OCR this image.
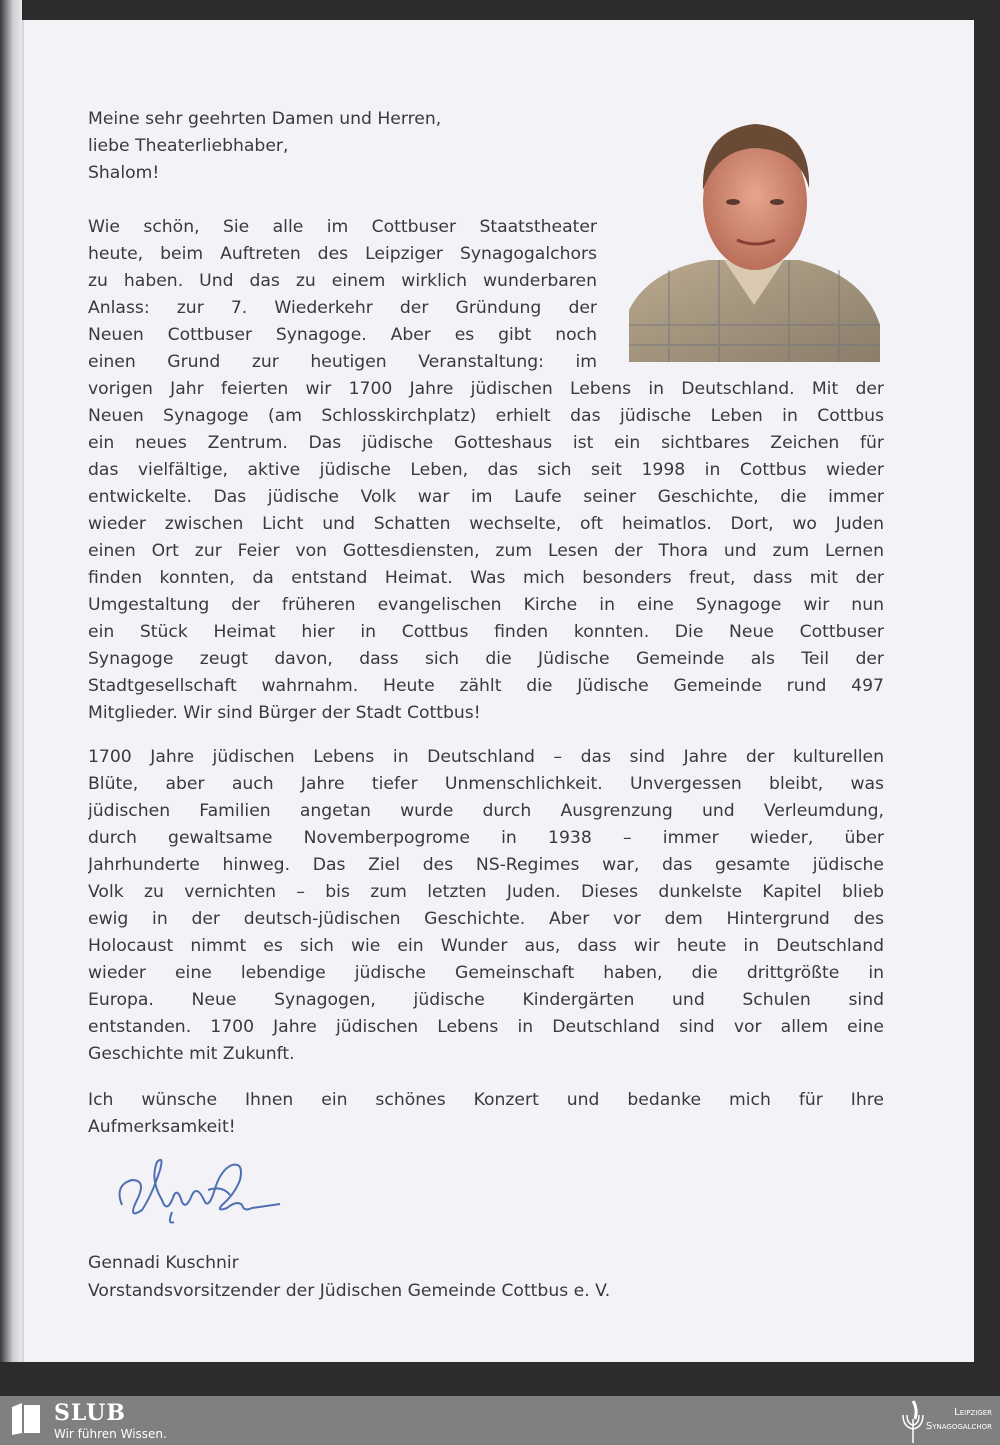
Meine sehr geehrten Damen und Herren,
liebe Theaterliebhaber,
Shalom!
Wie schön, Sie alle im Cottbuser Staatstheater
heute, beim Auftreten des Leipziger Synagogalchors
zu haben. Und das zu einem wirklich wunderbaren
Anlass: zur 7. Wiederkehr der Gründung der
Neuen Cottbuser Synagoge. Aber es gibt noch
einen Grund zur heutigen Veranstaltung: im
vorigen Jahr feierten wir 1700 Jahre jüdischen Lebens in Deutschland. Mit der
Neuen Synagoge (am Schlosskirchplatz) erhielt das jüdische Leben in Cottbus
ein neues Zentrum. Das jüdische Gotteshaus ist ein sichtbares Zeichen für
das vielfältige, aktive jüdische Leben, das sich seit 1998 in Cottbus wieder
entwickelte. Das jüdische Volk war im Laufe seiner Geschichte, die immer
wieder zwischen Licht und Schatten wechselte, oft heimatlos. Dort, wo Juden
einen Ort zur Feier von Gottesdiensten, zum Lesen der Thora und zum Lernen
finden konnten, da entstand Heimat. Was mich besonders freut, dass mit der
Umgestaltung der früheren evangelischen Kirche in eine Synagoge wir nun
ein Stück Heimat hier in Cottbus finden konnten. Die Neue Cottbuser
Synagoge zeugt davon, dass sich die Jüdische Gemeinde als Teil der
Stadtgesellschaft wahrnahm. Heute zählt die Jüdische Gemeinde rund 497
Mitglieder. Wir sind Bürger der Stadt Cottbus!
1700 Jahre jüdischen Lebens in Deutschland – das sind Jahre der kulturellen
Blüte, aber auch Jahre tiefer Unmenschlichkeit. Unvergessen bleibt, was
jüdischen Familien angetan wurde durch Ausgrenzung und Verleumdung,
durch gewaltsame Novemberpogrome in 1938 – immer wieder, über
Jahrhunderte hinweg. Das Ziel des NS-Regimes war, das gesamte jüdische
Volk zu vernichten – bis zum letzten Juden. Dieses dunkelste Kapitel blieb
ewig in der deutsch-jüdischen Geschichte. Aber vor dem Hintergrund des
Holocaust nimmt es sich wie ein Wunder aus, dass wir heute in Deutschland
wieder eine lebendige jüdische Gemeinschaft haben, die drittgrößte in
Europa. Neue Synagogen, jüdische Kindergärten und Schulen sind
entstanden. 1700 Jahre jüdischen Lebens in Deutschland sind vor allem eine
Geschichte mit Zukunft.
Ich wünsche Ihnen ein schönes Konzert und bedanke mich für Ihre
Aufmerksamkeit!
Gennadi Kuschnir
Vorstandsvorsitzender der Jüdischen Gemeinde Cottbus e. V.
SLUB
Wir führen Wissen.
Leipziger
Synagogalchor
